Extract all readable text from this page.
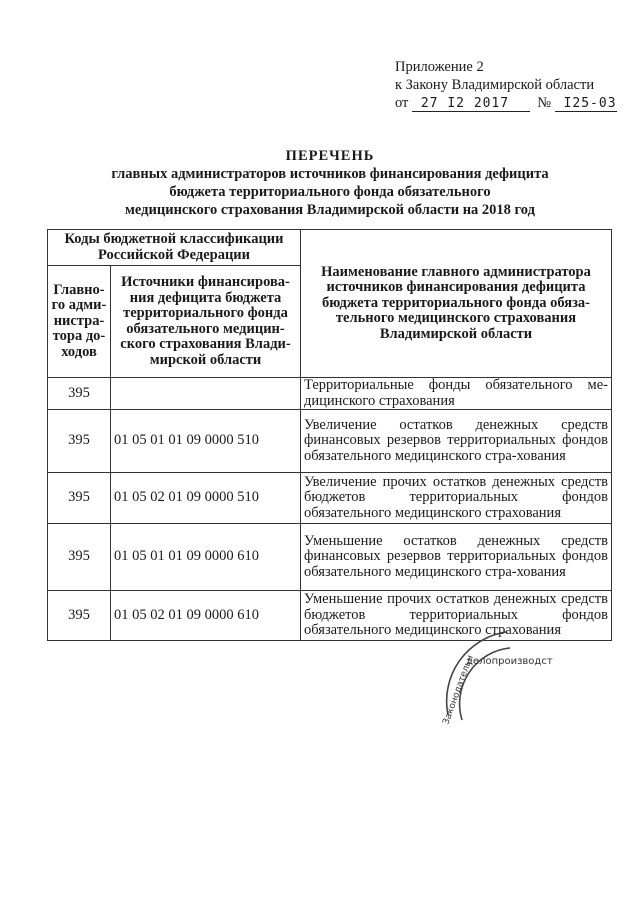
Приложение 2
к Закону Владимирской области
от 27 I2 2017 № I25-03
ПЕРЕЧЕНЬ
главных администраторов источников финансирования дефицита
бюджета территориального фонда обязательного
медицинского страхования Владимирской области на 2018 год
Коды бюджетной классификации Российской Федерации		Наименование главного администратора источников финансирования дефицита бюджета территориального фонда обяза-тельного медицинского страхования Владимирской области
Главно-го адми-нистра-тора до-ходов	Источники финансирова-ния дефицита бюджета территориального фонда обязательного медицин-ского страхования Влади-мирской области	
395		Территориальные фонды обязательного ме-дицинского страхования
395	01 05 01 01 09 0000 510	Увеличение остатков денежных средств финансовых резервов территориальных фондов обязательного медицинского стра-хования
395	01 05 02 01 09 0000 510	Увеличение прочих остатков денежных средств бюджетов территориальных фондов обязательного медицинского страхования
395	01 05 01 01 09 0000 610	Уменьшение остатков денежных средств финансовых резервов территориальных фондов обязательного медицинского стра-хования
395	01 05 02 01 09 0000 610	Уменьшение прочих остатков денежных средств бюджетов территориальных фондов обязательного медицинского страхования
делопроизводст
Законодательн
